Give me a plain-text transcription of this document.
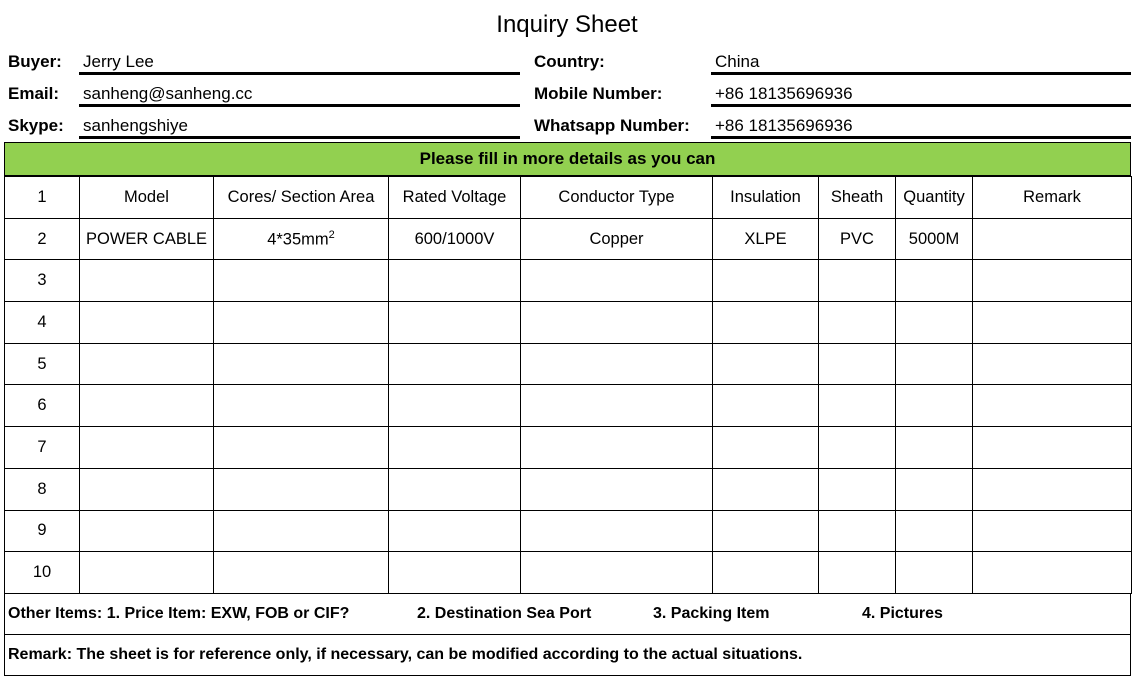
Inquiry Sheet
Buyer: Jerry Lee
Email: sanheng@sanheng.cc
Skype: sanhengshiye
Country:	China
Mobile Number:	+86 18135696936
Whatsapp Number: +86 18135696936
Please fill in more details as you can
1	Model	Cores/ Section Area	Rated Voltage	Conductor Type	Insulation	Sheath	Quantity	Remark
2	POWER CABLE	$4*35mm^2$	600/1000V	Copper	XLPE	PVC	5000M	
3								
4								
5								
6								
7								
8								
9								
10								
Other Items: 1. Price Item: EXW, FOB or CIF?	2. Destination Sea Port	3. Packing Item	4. Pictures
Remark: The sheet is for reference only, if necessary, can be modified according to the actual situations.
